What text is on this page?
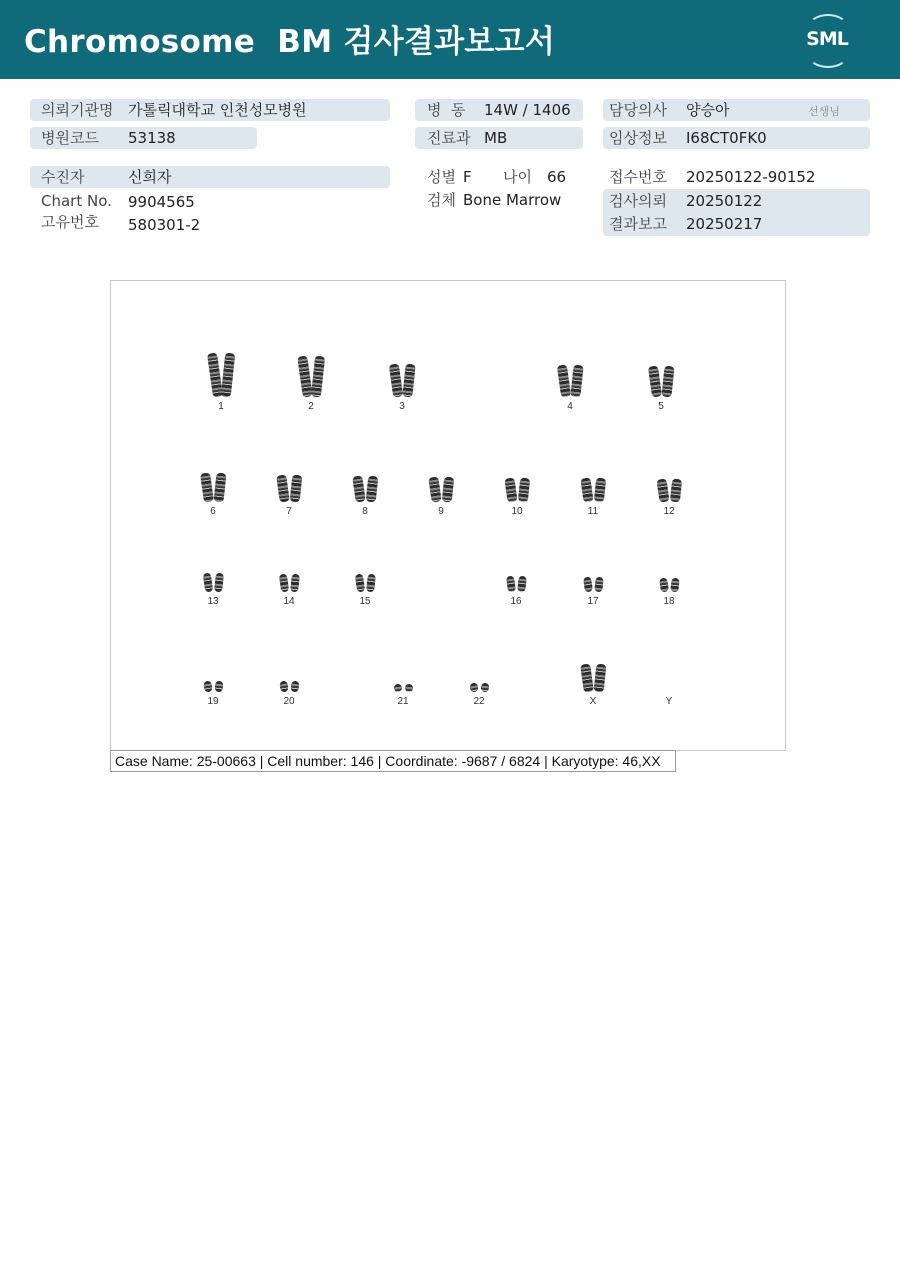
Chromosome  BM 검사결과보고서	SML
의뢰기관명 가톨릭대학교 인천성모병원
병원코드 53138
수진자	신희자
Chart No. 9904565
고유번호 580301-2
병  동 14W / 1406
진료과 MB
성별 F 나이 66
검체 Bone Marrow
담당의사 양승아	선생님
임상정보 I68CT0FK0
접수번호 20250122-90152
검사의뢰 20250122
결과보고 20250217
1	2	3	4	5
6	7	8	9	10	11	12
13	14	15	16	17	18
19	20	21	22	X	Y
Case Name: 25-00663 | Cell number: 146 | Coordinate: -9687 / 6824 | Karyotype: 46,XX
